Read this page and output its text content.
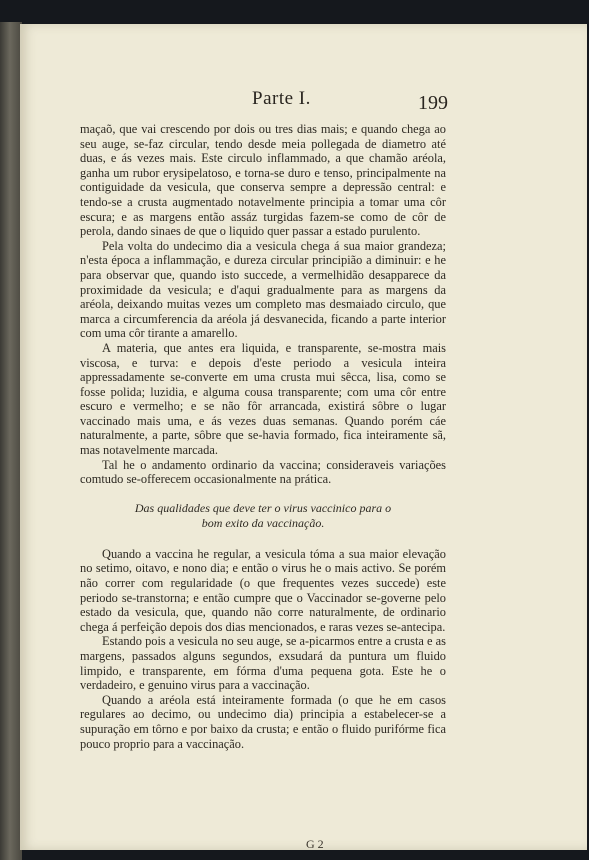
Parte I.	199

maçaõ, que vai crescendo por dois ou tres dias mais; e quando chega ao seu auge, se-faz circular, tendo desde meia pollegada de diametro até duas, e ás vezes mais. Este circulo inflammado, a que chamão aréola, ganha um rubor erysipelatoso, e torna-se duro e tenso, principalmente na contiguidade da vesicula, que conserva sempre a depressão central: e tendo-se a crusta augmentado notavelmente principia a tomar uma côr escura; e as margens então assáz turgidas fazem-se como de côr de perola, dando sinaes de que o liquido quer passar a estado purulento.

Pela volta do undecimo dia a vesicula chega á sua maior grandeza; n'esta época a inflammação, e dureza circular principião a diminuir: e he para observar que, quando isto succede, a vermelhidão desapparece da proximidade da vesicula; e d'aqui gradualmente para as margens da aréola, deixando muitas vezes um completo mas desmaiado circulo, que marca a circumferencia da aréola já desvanecida, ficando a parte interior com uma côr tirante a amarello.

A materia, que antes era liquida, e transparente, se-mostra mais viscosa, e turva: e depois d'este periodo a vesicula inteira appressadamente se-converte em uma crusta mui sêcca, lisa, como se fosse polida; luzidia, e alguma cousa transparente; com uma côr entre escuro e vermelho; e se não fôr arrancada, existirá sôbre o lugar vaccinado mais uma, e ás vezes duas semanas. Quando porém cáe naturalmente, a parte, sôbre que se-havia formado, fica inteiramente sã, mas notavelmente marcada.

Tal he o andamento ordinario da vaccina; consideraveis variações comtudo se-offerecem occasionalmente na prática.

Das qualidades que deve ter o virus vaccinico para o
bom exito da vaccinação.

Quando a vaccina he regular, a vesicula tóma a sua maior elevação no setimo, oitavo, e nono dia; e então o virus he o mais activo. Se porém não correr com regularidade (o que frequentes vezes succede) este periodo se-transtorna; e então cumpre que o Vaccinador se-governe pelo estado da vesicula, que, quando não corre naturalmente, de ordinario chega á perfeição depois dos dias mencionados, e raras vezes se-antecipa.

Estando pois a vesicula no seu auge, se a-picarmos entre a crusta e as margens, passados alguns segundos, exsudará da puntura um fluido limpido, e transparente, em fórma d'uma pequena gota. Este he o verdadeiro, e genuino virus para a vaccinação.

Quando a aréola está inteiramente formada (o que he em casos regulares ao decimo, ou undecimo dia) principia a estabelecer-se a supuração em tôrno e por baixo da crusta; e então o fluido purifórme fica pouco proprio para a vaccinação.

G 2
